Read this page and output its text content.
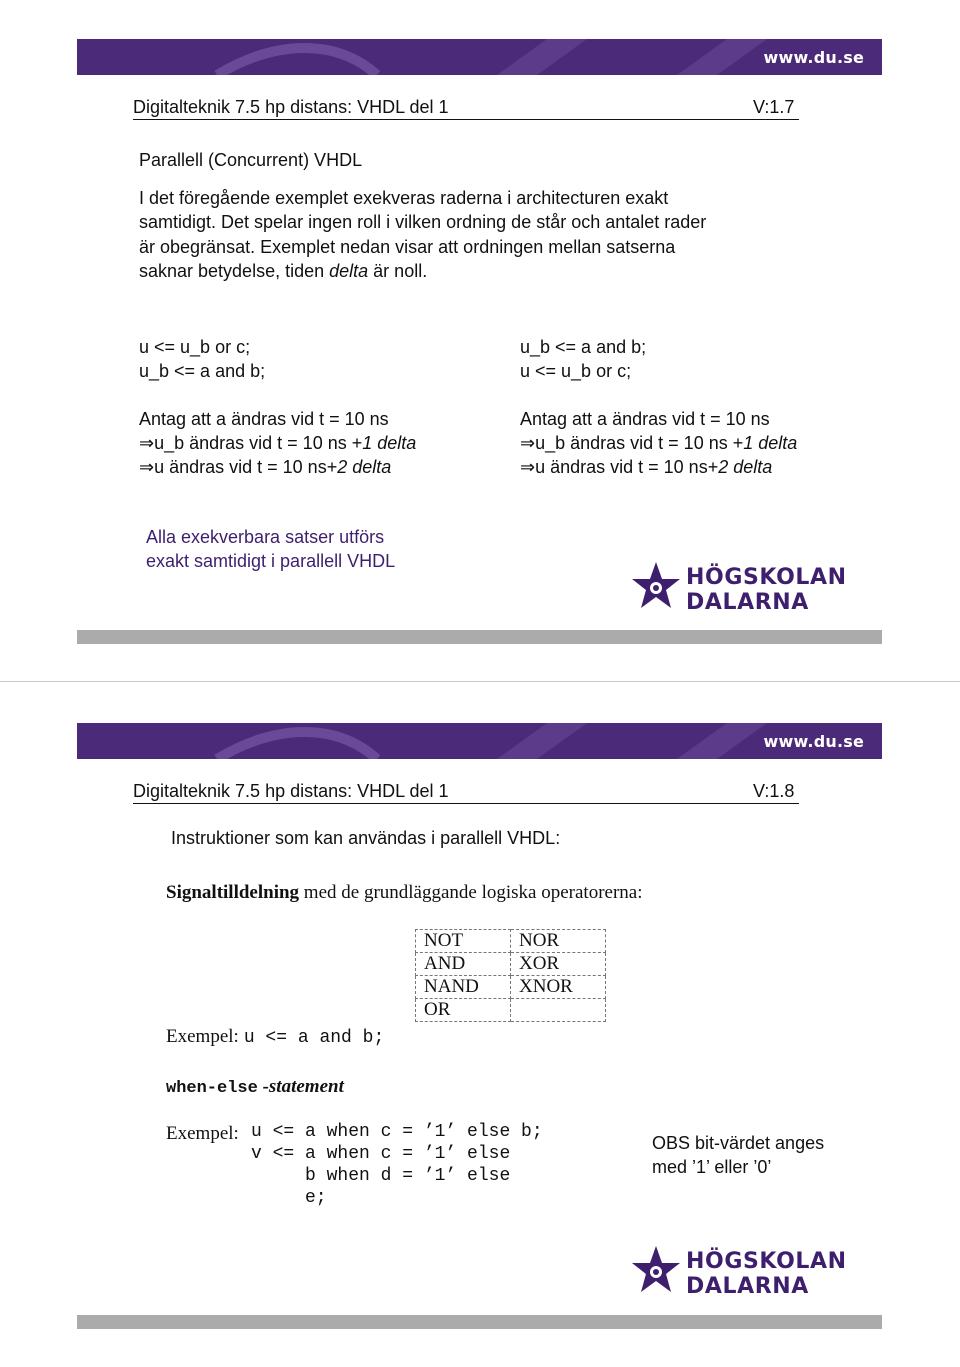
www.du.se
Digitalteknik 7.5 hp distans: VHDL del 1	V:1.7
Parallell (Concurrent) VHDL
I det föregående exemplet exekveras raderna i architecturen exakt
samtidigt. Det spelar ingen roll i vilken ordning de står och antalet rader
är obegränsat. Exemplet nedan visar att ordningen mellan satserna
saknar betydelse, tiden delta är noll.
u <= u_b or c;
u_b <= a and b;
Antag att a ändras vid t = 10 ns
⇒u_b ändras vid t = 10 ns +1 delta
⇒u ändras vid t = 10 ns+2 delta
u_b <= a and b;
u <= u_b or c;
Antag att a ändras vid t = 10 ns
⇒u_b ändras vid t = 10 ns +1 delta
⇒u ändras vid t = 10 ns+2 delta
Alla exekverbara satser utförs
exakt samtidigt i parallell VHDL
HÖGSKOLAN
DALARNA
www.du.se
Digitalteknik 7.5 hp distans: VHDL del 1	V:1.8
Instruktioner som kan användas i parallell VHDL:
Signaltilldelning med de grundläggande logiska operatorerna:
NOT	NOR
AND	XOR
NAND	XNOR
OR	
Exempel: u <= a and b;
when-else -statement
Exempel: u <= a when c = ’1’ else b;
v <= a when c = ’1’ else
b when d = ’1’ else
e;
OBS bit-värdet anges
med ’1’ eller ’0’
HÖGSKOLAN
DALARNA
